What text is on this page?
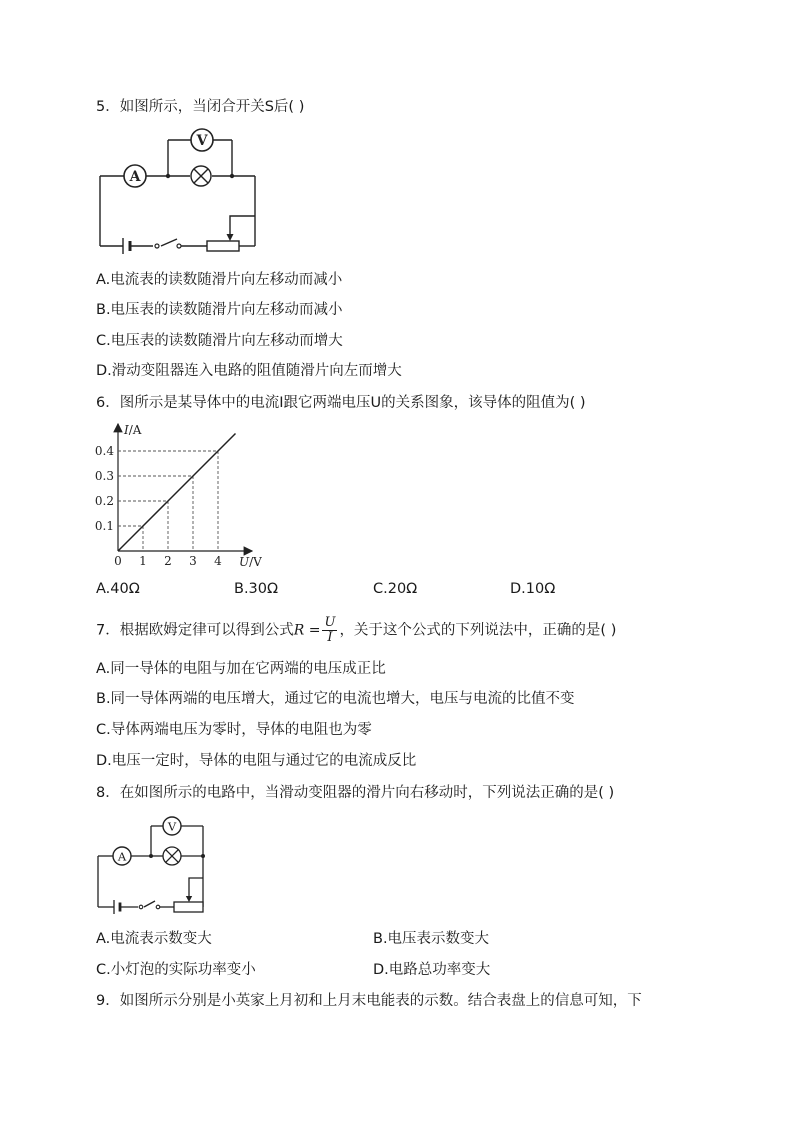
5．如图所示，当闭合开关S后( )
A
V
A.电流表的读数随滑片向左移动而减小
B.电压表的读数随滑片向左移动而减小
C.电压表的读数随滑片向左移动而增大
D.滑动变阻器连入电路的阻值随滑片向左而增大
6．图所示是某导体中的电流I跟它两端电压U的关系图象，该导体的阻值为( )
0 1 2 3 4
0.1
0.2
0.3
0.4
U/V
I/A
A.40Ω	B.30Ω	C.20Ω	D.10Ω
7．根据欧姆定律可以得到公式$R = \frac{U}{I}$ ，关于这个公式的下列说法中，正确的是( )
A.同一导体的电阻与加在它两端的电压成正比
B.同一导体两端的电压增大，通过它的电流也增大，电压与电流的比值不变
C.导体两端电压为零时，导体的电阻也为零
D.电压一定时，导体的电阻与通过它的电流成反比
8．在如图所示的电路中，当滑动变阻器的滑片向右移动时，下列说法正确的是( )
A
V
A.电流表示数变大	B.电压表示数变大
C.小灯泡的实际功率变小	D.电路总功率变大
9．如图所示分别是小英家上月初和上月末电能表的示数。结合表盘上的信息可知，下
